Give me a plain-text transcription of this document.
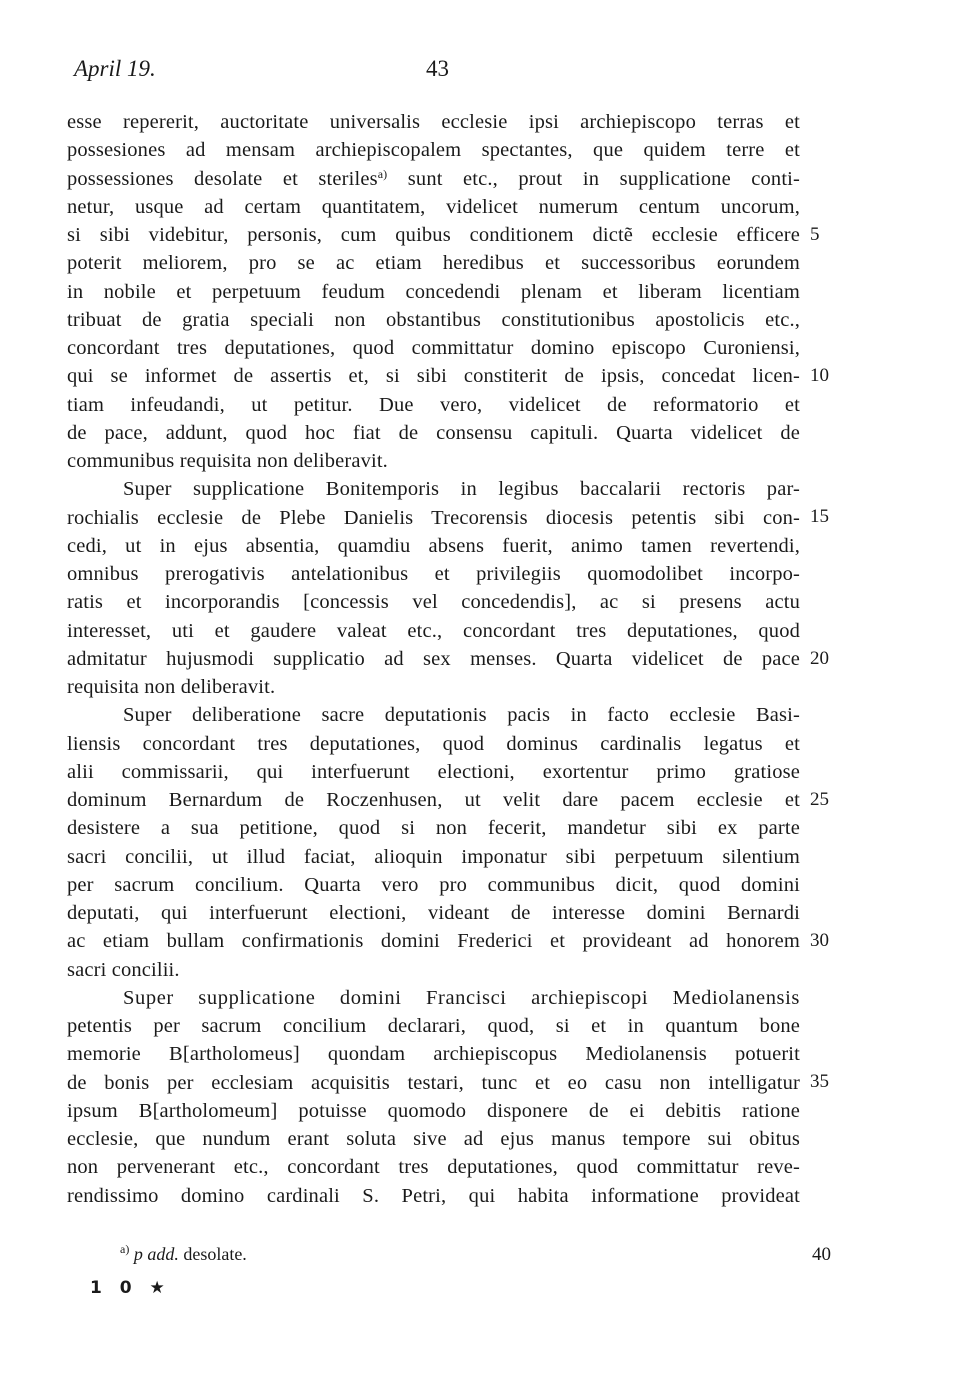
April 19.	43
esse repererit, auctoritate universalis ecclesie ipsi archiepiscopo terras et
possesiones ad mensam archiepiscopalem spectantes, que quidem terre et
possessiones desolate et steriles$^{a)}$ sunt etc., prout in supplicatione conti-
netur, usque ad certam quantitatem, videlicet numerum centum uncorum,
si sibi videbitur, personis, cum quibus conditionem dictẽ ecclesie efficere
poterit meliorem, pro se ac etiam heredibus et successoribus eorundem
in nobile et perpetuum feudum concedendi plenam et liberam licentiam
tribuat de gratia speciali non obstantibus constitutionibus apostolicis etc.,
concordant tres deputationes, quod committatur domino episcopo Curoniensi,
qui se informet de assertis et, si sibi constiterit de ipsis, concedat licen-
tiam infeudandi, ut petitur. Due vero, videlicet de reformatorio et
de pace, addunt, quod hoc fiat de consensu capituli. Quarta videlicet de
communibus requisita non deliberavit.
Super supplicatione Bonitemporis in legibus baccalarii rectoris par-
rochialis ecclesie de Plebe Danielis Trecorensis diocesis petentis sibi con-
cedi, ut in ejus absentia, quamdiu absens fuerit, animo tamen revertendi,
omnibus prerogativis antelationibus et privilegiis quomodolibet incorpo-
ratis et incorporandis [concessis vel concedendis], ac si presens actu
interesset, uti et gaudere valeat etc., concordant tres deputationes, quod
admitatur hujusmodi supplicatio ad sex menses. Quarta videlicet de pace
requisita non deliberavit.
Super deliberatione sacre deputationis pacis in facto ecclesie Basi-
liensis concordant tres deputationes, quod dominus cardinalis legatus et
alii commissarii, qui interfuerunt electioni, exortentur primo gratiose
dominum Bernardum de Roczenhusen, ut velit dare pacem ecclesie et
desistere a sua petitione, quod si non fecerit, mandetur sibi ex parte
sacri concilii, ut illud faciat, alioquin imponatur sibi perpetuum silentium
per sacrum concilium. Quarta vero pro communibus dicit, quod domini
deputati, qui interfuerunt electioni, videant de interesse domini Bernardi
ac etiam bullam confirmationis domini Frederici et provideant ad honorem
sacri concilii.
Super supplicatione domini Francisci archiepiscopi Mediolanensis
petentis per sacrum concilium declarari, quod, si et in quantum bone
memorie B[artholomeus] quondam archiepiscopus Mediolanensis potuerit
de bonis per ecclesiam acquisitis testari, tunc et eo casu non intelligatur
ipsum B[artholomeum] potuisse quomodo disponere de ei debitis ratione
ecclesie, que nundum erant soluta sive ad ejus manus tempore sui obitus
non pervenerant etc., concordant tres deputationes, quod committatur reve-
rendissimo domino cardinali S. Petri, qui habita informatione provideat
5
10
15
20
25
30
35
$^{a)}$ p add. desolate.	40
1 0 ★
